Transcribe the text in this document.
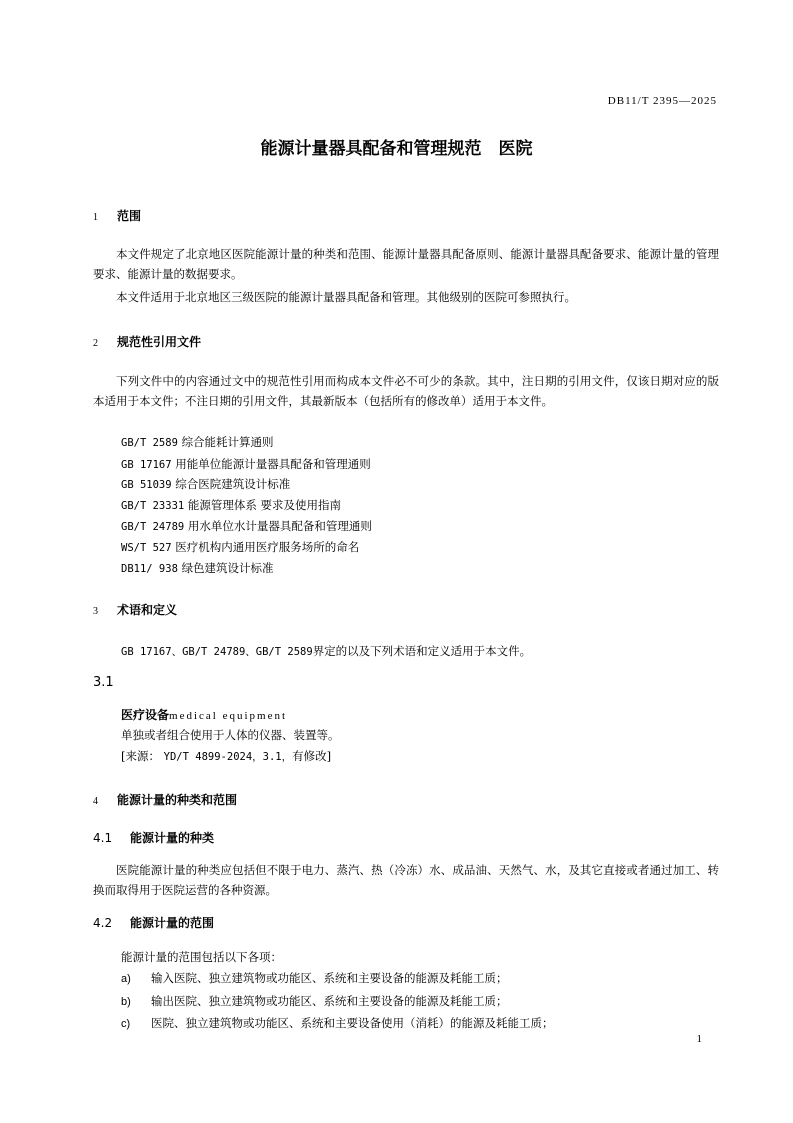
DB11/T 2395—2025
能源计量器具配备和管理规范　医院
1 范围

本文件规定了北京地区医院能源计量的种类和范围、能源计量器具配备原则、能源计量器具配备要求、能源计量的管理要求、能源计量的数据要求。

本文件适用于北京地区三级医院的能源计量器具配备和管理。其他级别的医院可参照执行。

2 规范性引用文件

下列文件中的内容通过文中的规范性引用而构成本文件必不可少的条款。其中，注日期的引用文件，仅该日期对应的版本适用于本文件；不注日期的引用文件，其最新版本（包括所有的修改单）适用于本文件。

GB/T 2589 综合能耗计算通则
GB 17167 用能单位能源计量器具配备和管理通则
GB 51039 综合医院建筑设计标准
GB/T 23331 能源管理体系 要求及使用指南
GB/T 24789 用水单位水计量器具配备和管理通则
WS/T 527 医疗机构内通用医疗服务场所的命名
DB11/ 938 绿色建筑设计标准
3 术语和定义
GB 17167、GB/T 24789、GB/T 2589界定的以及下列术语和定义适用于本文件。
3.1
医疗设备medical equipment
单独或者组合使用于人体的仪器、装置等。
[来源： YD/T 4899-2024，3.1，有修改]
4 能源计量的种类和范围
4.1 能源计量的种类

医院能源计量的种类应包括但不限于电力、蒸汽、热（冷冻）水、成品油、天然气、水，及其它直接或者通过加工、转换而取得用于医院运营的各种资源。

4.2 能源计量的范围
能源计量的范围包括以下各项：
a) 输入医院、独立建筑物或功能区、系统和主要设备的能源及耗能工质；
b) 输出医院、独立建筑物或功能区、系统和主要设备的能源及耗能工质；
c) 医院、独立建筑物或功能区、系统和主要设备使用（消耗）的能源及耗能工质；
1
